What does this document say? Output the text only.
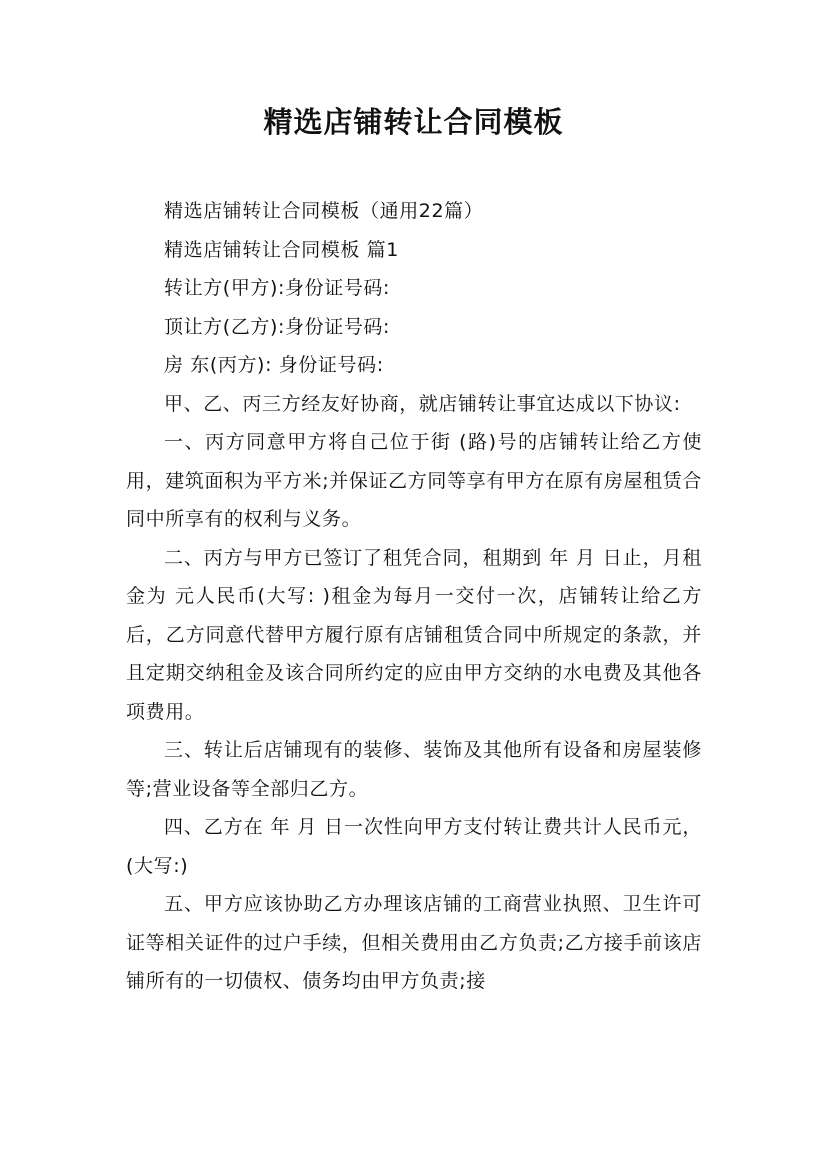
精选店铺转让合同模板

精选店铺转让合同模板（通用22篇）

精选店铺转让合同模板 篇1

转让方(甲方):身份证号码:

顶让方(乙方):身份证号码:

房 东(丙方): 身份证号码:

甲、乙、丙三方经友好协商，就店铺转让事宜达成以下协议:

一、丙方同意甲方将自己位于街 (路)号的店铺转让给乙方使用，建筑面积为平方米;并保证乙方同等享有甲方在原有房屋租赁合同中所享有的权利与义务。

二、丙方与甲方已签订了租凭合同，租期到 年 月 日止，月租金为 元人民币(大写: )租金为每月一交付一次，店铺转让给乙方后，乙方同意代替甲方履行原有店铺租赁合同中所规定的条款，并且定期交纳租金及该合同所约定的应由甲方交纳的水电费及其他各项费用。

三、转让后店铺现有的装修、装饰及其他所有设备和房屋装修等;营业设备等全部归乙方。

四、乙方在 年 月 日一次性向甲方支付转让费共计人民币元，(大写:)

五、甲方应该协助乙方办理该店铺的工商营业执照、卫生许可证等相关证件的过户手续，但相关费用由乙方负责;乙方接手前该店铺所有的一切债权、债务均由甲方负责;接
